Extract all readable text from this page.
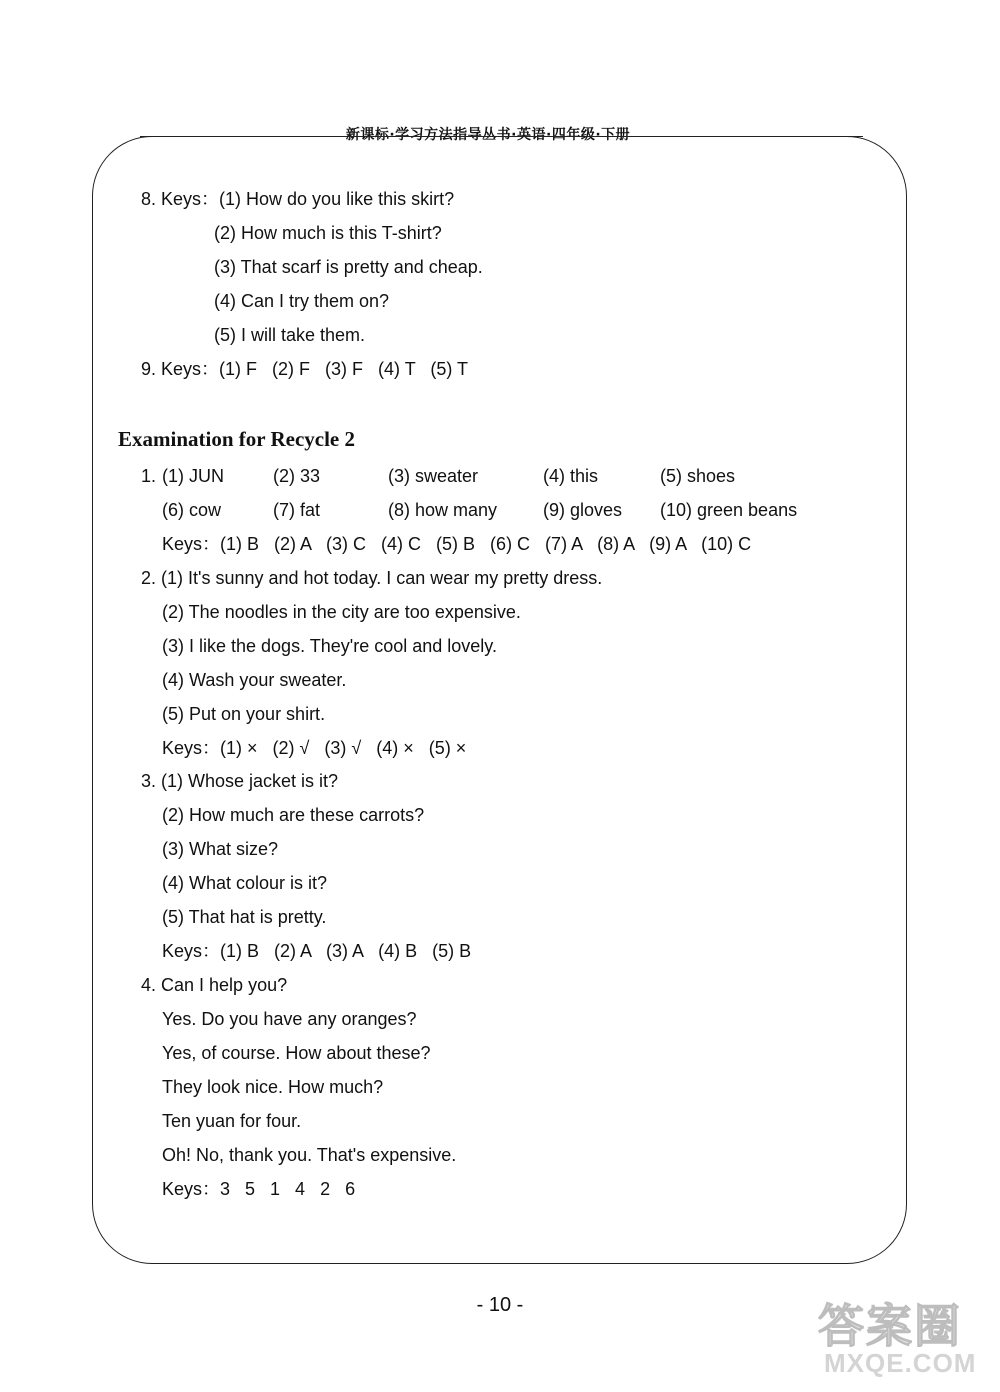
新课标·学习方法指导丛书·英语·四年级·下册
8. Keys：(1) How do you like this skirt?
(2) How much is this T-shirt?
(3) That scarf is pretty and cheap.
(4) Can I try them on?
(5) I will take them.
9. Keys：(1) F   (2) F   (3) F   (4) T   (5) T
Examination for Recycle 2
1. (1) JUN	(2) 33	(3) sweater	(4) this	(5) shoes
(6) cow	(7) fat	(8) how many	(9) gloves (10) green beans
Keys：(1) B   (2) A   (3) C   (4) C   (5) B   (6) C   (7) A   (8) A   (9) A   (10) C
2. (1) It's sunny and hot today. I can wear my pretty dress.
(2) The noodles in the city are too expensive.
(3) I like the dogs. They're cool and lovely.
(4) Wash your sweater.
(5) Put on your shirt.
Keys：(1) ×   (2) √   (3) √   (4) ×   (5) ×
3. (1) Whose jacket is it?
(2) How much are these carrots?
(3) What size?
(4) What colour is it?
(5) That hat is pretty.
Keys：(1) B   (2) A   (3) A   (4) B   (5) B
4. Can I help you?
Yes. Do you have any oranges?
Yes, of course. How about these?
They look nice. How much?
Ten yuan for four.
Oh! No, thank you. That's expensive.
Keys：3   5   1   4   2   6
- 10 -	答案圈
MXQE.COM
